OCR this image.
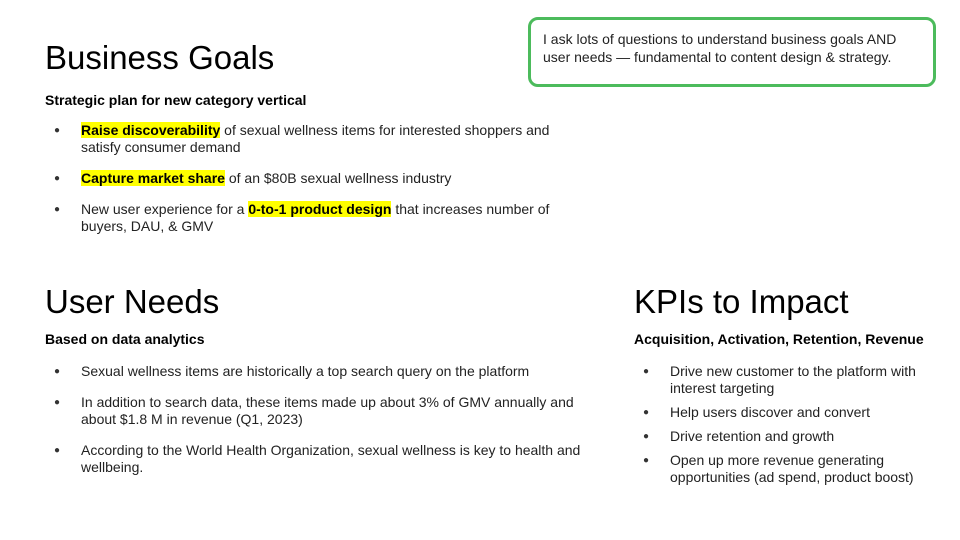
Business Goals

Strategic plan for new category vertical

● Raise discoverability of sexual wellness items for interested shoppers and satisfy consumer demand
● Capture market share of an $80B sexual wellness industry
● New user experience for a 0-to-1 product design that increases number of buyers, DAU, & GMV
I ask lots of questions to understand business goals AND user needs — fundamental to content design & strategy.
User Needs

Based on data analytics

● Sexual wellness items are historically a top search query on the platform
● In addition to search data, these items made up about 3% of GMV annually and about $1.8 M in revenue (Q1, 2023)
● According to the World Health Organization, sexual wellness is key to health and wellbeing.
KPIs to Impact

Acquisition, Activation, Retention, Revenue

● Drive new customer to the platform with interest targeting
● Help users discover and convert
● Drive retention and growth
● Open up more revenue generating opportunities (ad spend, product boost)
